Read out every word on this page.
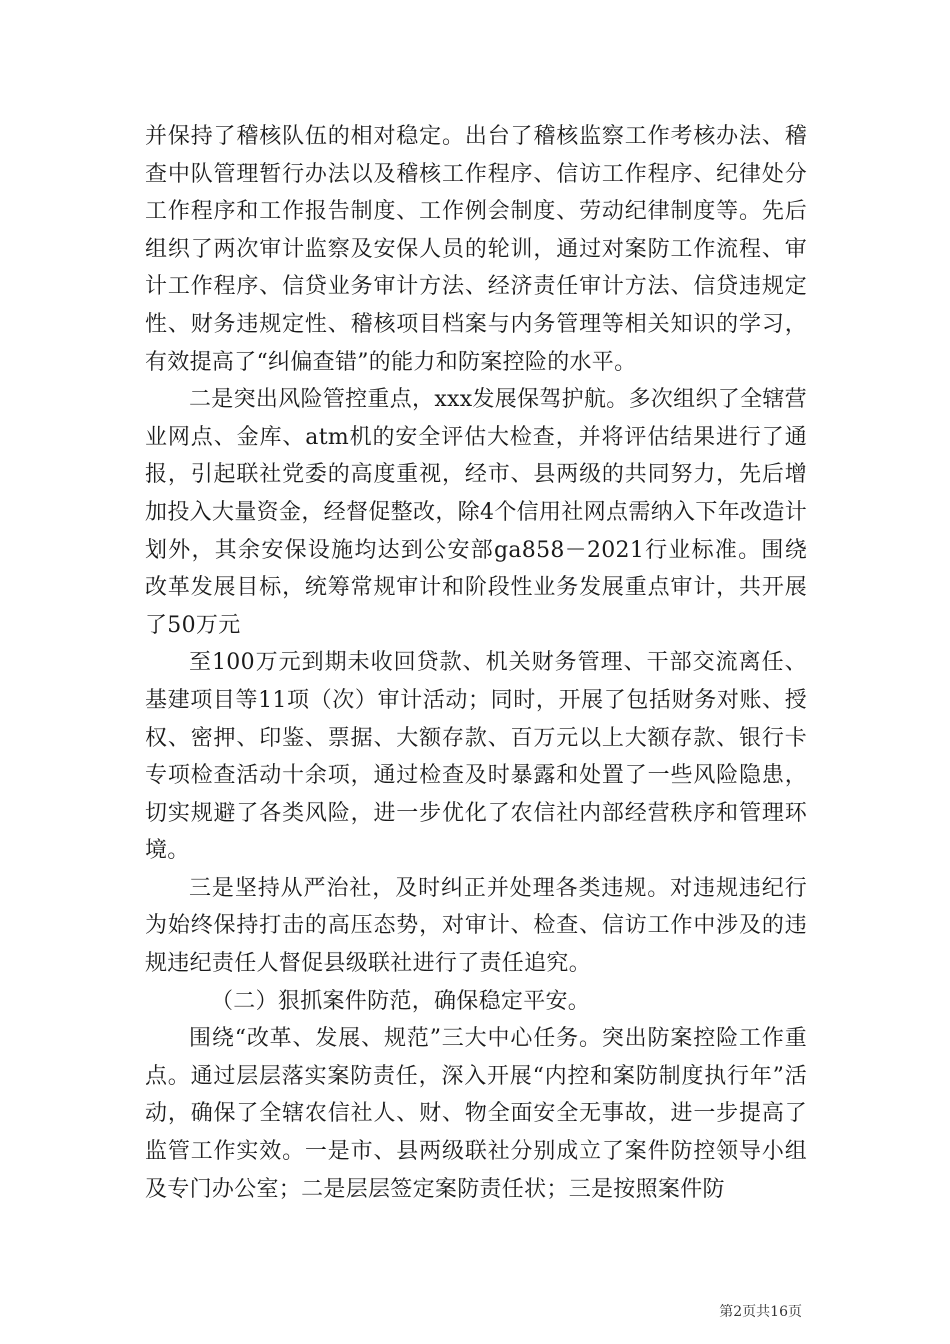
并保持了稽核队伍的相对稳定。出台了稽核监察工作考核办法、稽查中队管理暂行办法以及稽核工作程序、信访工作程序、纪律处分工作程序和工作报告制度、工作例会制度、劳动纪律制度等。先后组织了两次审计监察及安保人员的轮训，通过对案防工作流程、审计工作程序、信贷业务审计方法、经济责任审计方法、信贷违规定性、财务违规定性、稽核项目档案与内务管理等相关知识的学习，有效提高了“纠偏查错”的能力和防案控险的水平。

二是突出风险管控重点，xxx发展保驾护航。多次组织了全辖营业网点、金库、atm机的安全评估大检查，并将评估结果进行了通报，引起联社党委的高度重视，经市、县两级的共同努力，先后增加投入大量资金，经督促整改，除4个信用社网点需纳入下年改造计划外，其余安保设施均达到公安部ga858－2021行业标准。围绕改革发展目标，统筹常规审计和阶段性业务发展重点审计，共开展了50万元

至100万元到期未收回贷款、机关财务管理、干部交流离任、基建项目等11项（次）审计活动；同时，开展了包括财务对账、授权、密押、印鉴、票据、大额存款、百万元以上大额存款、银行卡专项检查活动十余项，通过检查及时暴露和处置了一些风险隐患，切实规避了各类风险，进一步优化了农信社内部经营秩序和管理环境。

三是坚持从严治社，及时纠正并处理各类违规。对违规违纪行为始终保持打击的高压态势，对审计、检查、信访工作中涉及的违规违纪责任人督促县级联社进行了责任追究。

（二）狠抓案件防范，确保稳定平安。

围绕“改革、发展、规范”三大中心任务。突出防案控险工作重点。通过层层落实案防责任，深入开展“内控和案防制度执行年”活动，确保了全辖农信社人、财、物全面安全无事故，进一步提高了监管工作实效。一是市、县两级联社分别成立了案件防控领导小组及专门办公室；二是层层签定案防责任状；三是按照案件防

第2页共16页
